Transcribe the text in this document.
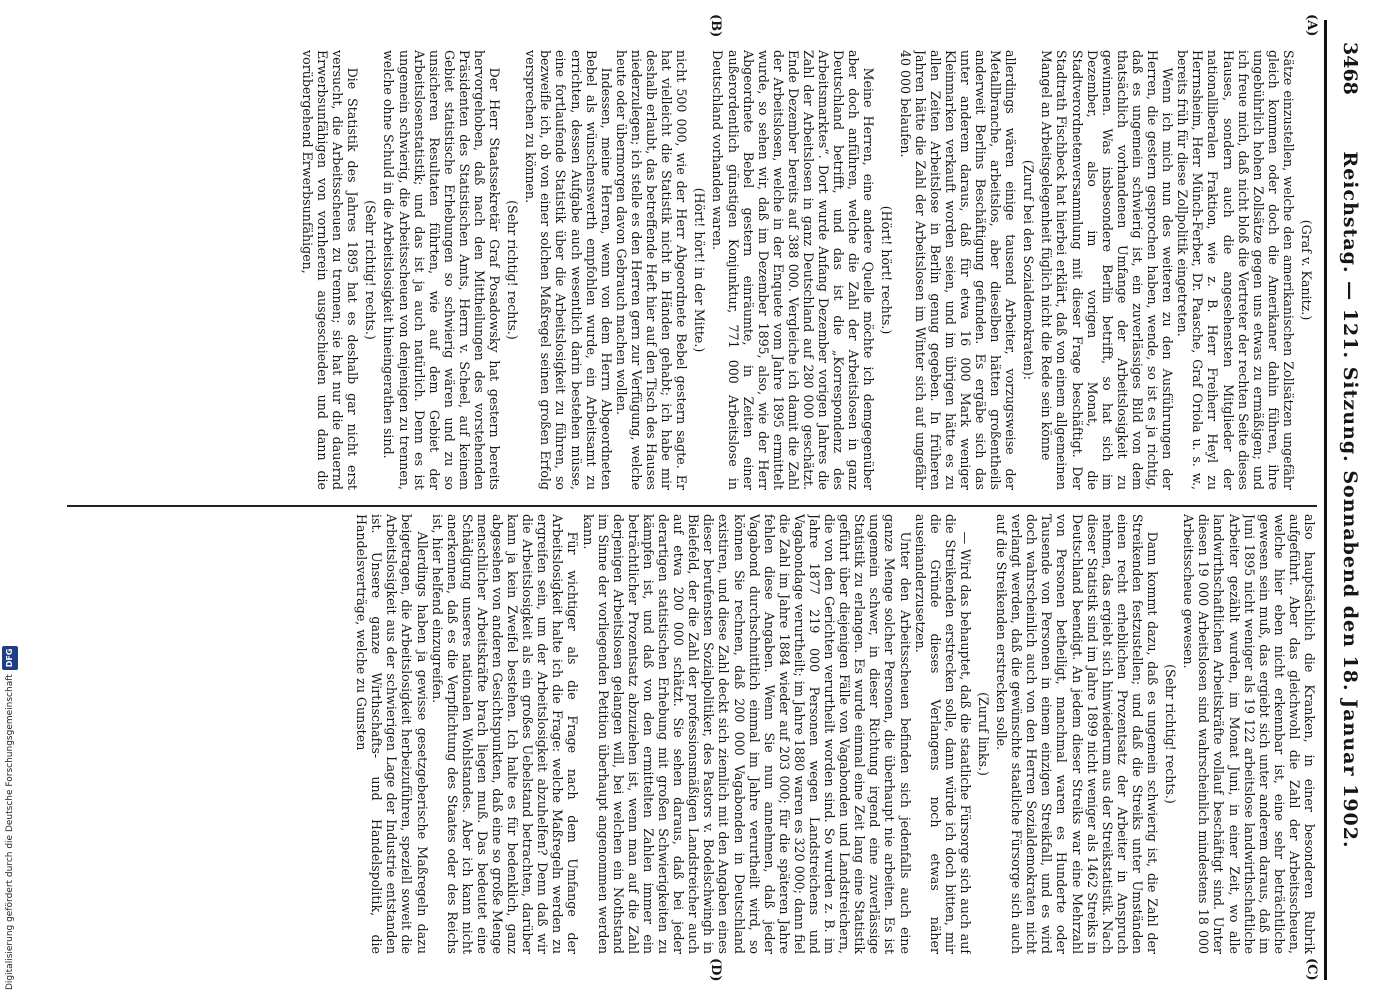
3468
Reichstag. — 121. Sitzung. Sonnabend den 18. Januar 1902.
(A)
(B)
(C)
(D)

(Graf v. Kanitz.)

Sätze einzustellen, welche den amerikanischen Zollsätzen ungefähr gleich kommen oder doch die Amerikaner dahin führen, ihre ungebührlich hohen Zollsätze gegen uns etwas zu ermäßigen; und ich freue mich, daß nicht bloß die Vertreter der rechten Seite dieses Hauses, sondern auch die angesehensten Mitglieder der nationalliberalen Fraktion, wie z. B. Herr Freiherr Heyl zu Herrnsheim, Herr Münch-Ferber, Dr. Paasche, Graf Oriola u. s. w., bereits früh für diese Zollpolitik eingetreten.

Wenn ich mich nun des weiteren zu den Ausführungen der Herren, die gestern gesprochen haben, wende, so ist es ja richtig, daß es ungemein schwierig ist, ein zuverlässiges Bild von dem thatsächlich vorhandenen Umfange der Arbeitslosigkeit zu gewinnen. Was insbesondere Berlin betrifft, so hat sich im Dezember, also im vorigen Monat, die Stadtverordnetenversammlung mit dieser Frage beschäftigt. Der Stadtrath Fischbeck hat hierbei erklärt, daß von einem allgemeinen Mangel an Arbeitsgelegenheit füglich nicht die Rede sein könne

(Zuruf bei den Sozialdemokraten):

allerdings wären einige tausend Arbeiter, vorzugsweise der Metallbranche, arbeitslos, aber dieselben hätten großentheils anderweit Berlins Beschäftigung gefunden. Es ergäbe sich das unter anderem daraus, daß für etwa 16 000 Mark weniger Kleinmarken verkauft worden seien, und im übrigen hätte es zu allen Zeiten Arbeitslose in Berlin genug gegeben. In früheren Jahren hätte die Zahl der Arbeitslosen im Winter sich auf ungefähr 40 000 belaufen.

(Hört! hört! rechts.)

Meine Herren, eine andere Quelle möchte ich demgegenüber aber doch anführen, welche die Zahl der Arbeitslosen in ganz Deutschland betrifft, und das ist die „Korrespondenz des Arbeitsmarktes“. Dort wurde Anfang Dezember vorigen Jahres die Zahl der Arbeitslosen in ganz Deutschland auf 280 000 geschätzt. Ende Dezember bereits auf 388 000. Vergleiche ich damit die Zahl der Arbeitslosen, welche in der Enquete vom Jahre 1895 ermittelt wurde, so sehen wir, daß im Dezember 1895, also, wie der Herr Abgeordnete Bebel gestern einräumte, in Zeiten einer außerordentlich günstigen Konjunktur, 771 000 Arbeitslose in Deutschland vorhanden waren.

(Hört! hört! in der Mitte.)

nicht 500 000, wie der Herr Abgeordnete Bebel gestern sagte. Er hat vielleicht die Statistik nicht in Händen gehabt; ich habe mir deshalb erlaubt, das betreffende Heft hier auf den Tisch des Hauses niederzulegen; ich stelle es den Herren gern zur Verfügung, welche heute oder übermorgen davon Gebrauch machen wollen.

Indessen, meine Herren, wenn von dem Herrn Abgeordneten Bebel als wünschenswerth empfohlen wurde, ein Arbeitsamt zu errichten, dessen Aufgabe auch wesentlich darin bestehen müsse, eine fortlaufende Statistik über die Arbeitslosigkeit zu führen, so bezweifle ich, ob von einer solchen Maßregel seinen großen Erfolg versprechen zu können.

(Sehr richtig! rechts.)

Der Herr Staatssekretär Graf Posadowsky hat gestern bereits hervorgehoben, daß nach den Mittheilungen des vorstehenden Präsidenten des Statistischen Amts, Herrn v. Scheel, auf keinem Gebiet statistische Erhebungen so schwierig wären und zu so unsicheren Resultaten führten, wie auf dem Gebiet der Arbeitslosenstatistik; und das ist ja auch natürlich. Denn es ist ungemein schwierig, die Arbeitsscheuen von denjenigen zu trennen, welche ohne Schuld in die Arbeitslosigkeit hineingerathen sind.

(Sehr richtig! rechts.)

Die Statistik des Jahres 1895 hat es deshalb gar nicht erst versucht, die Arbeitsscheuen zu trennen; sie hat nur die dauernd Erwerbsunfähigen von vornherein ausgeschieden und dann die vorübergehend Erwerbsunfähigen,

also hauptsächlich die Kranken, in einer besonderen Rubrik aufgeführt. Aber das gleichwohl die Zahl der Arbeitsscheuen, welche hier eben nicht erkennbar ist, eine sehr beträchtliche gewesen sein muß, das ergiebt sich unter anderem daraus, daß im Juni 1895 nicht weniger als 19 122 arbeitslose landwirthschaftliche Arbeiter gezählt wurden, im Monat Juni, in einer Zeit, wo alle landwirthschaftlichen Arbeitskräfte vollauf beschäftigt sind. Unter diesen 19 000 Arbeitslosen sind wahrscheinlich mindestens 18 000 Arbeitsscheue gewesen.

(Sehr richtig! rechts.)

Dann kommt dazu, daß es ungemein schwierig ist, die Zahl der Streikenden festzustellen; und daß die Streiks unter Umständen einen recht erheblichen Prozentsatz der Arbeiter in Anspruch nehmen, das ergiebt sich hinwiederum aus der Streikstatistik. Nach dieser Statistik sind im Jahre 1899 nicht weniger als 1462 Streiks in Deutschland beendigt. An jedem dieser Streiks war eine Mehrzahl von Personen betheiligt, manchmal waren es Hunderte oder Tausende von Personen in einem einzigen Streikfall, und es wird doch wahrscheinlich auch von den Herren Sozialdemokraten nicht verlangt werden, daß die gewünschte staatliche Fürsorge sich auch auf die Streikenden erstrecken solle.

(Zuruf links.)

— Wird das behauptet, daß die staatliche Fürsorge sich auch auf die Streikenden erstrecken solle, dann würde ich doch bitten, mir die Gründe dieses Verlangens noch etwas näher auseinanderzusetzen.

Unter den Arbeitsscheuen befinden sich jedenfalls auch eine ganze Menge solcher Personen, die überhaupt nie arbeiten. Es ist ungemein schwer, in dieser Richtung irgend eine zuverlässige Statistik zu erlangen. Es wurde einmal eine Zeit lang eine Statistik geführt über diejenigen Fälle von Vagabonden und Landstreichern, die von den Gerichten verurtheilt worden sind. So wurden z. B. im Jahre 1877 219 000 Personen wegen Landstreichens und Vagabondage verurtheilt; im Jahre 1880 waren es 320 000; dann fiel die Zahl im Jahre 1884 wieder auf 203 000; für die späteren Jahre fehlen diese Angaben. Wenn Sie nun annehmen, daß jeder Vagabond durchschnittlich einmal im Jahre verurtheilt wird, so können Sie rechnen, daß 200 000 Vagabonden in Deutschland existiren, und diese Zahl deckt sich ziemlich mit den Angaben eines dieser berufensten Sozialpolitiker, des Pastors v. Bodelschwingh in Bielefeld, der die Zahl der professionsmäßigen Landstreicher auch auf etwa 200 000 schätzt. Sie sehen daraus, daß bei jeder derartigen statistischen Erhebung mit großen Schwierigkeiten zu kämpfen ist, und daß von den ermittelten Zahlen immer ein beträchtlicher Prozentsatz abzuziehen ist, wenn man auf die Zahl derjenigen Arbeitslosen gelangen will, bei welchen ein Nothstand im Sinne der vorliegenden Petition überhaupt angenommen werden kann.

Für wichtiger als die Frage nach dem Umfange der Arbeitslosigkeit halte ich die Frage: welche Maßregeln werden zu ergreifen sein, um der Arbeitslosigkeit abzuhelfen? Denn daß wir die Arbeitslosigkeit als ein großes Uebelstand betrachten, darüber kann ja kein Zweifel bestehen. Ich halte es für bedenklich, ganz abgesehen von anderen Gesichtspunkten, daß eine so große Menge menschlicher Arbeitskräfte brach liegen muß. Das bedeutet eine Schädigung unseres nationalen Wohlstandes. Aber ich kann nicht anerkennen, daß es die Verpflichtung des Staates oder des Reichs ist, hier helfend einzugreifen.

Allerdings haben ja gewisse gesetzgeberische Maßregeln dazu beigetragen, die Arbeitslosigkeit herbeizuführen, speziell soweit die Arbeitslosigkeit aus der schwierigen Lage der Industrie entstanden ist. Unsere ganze Wirthschafts- und Handelspolitik, die Handelsverträge, welche zu Gunsten

Digitalisierung gefördert durch die Deutsche ForschungsgemeinschaftDFG
